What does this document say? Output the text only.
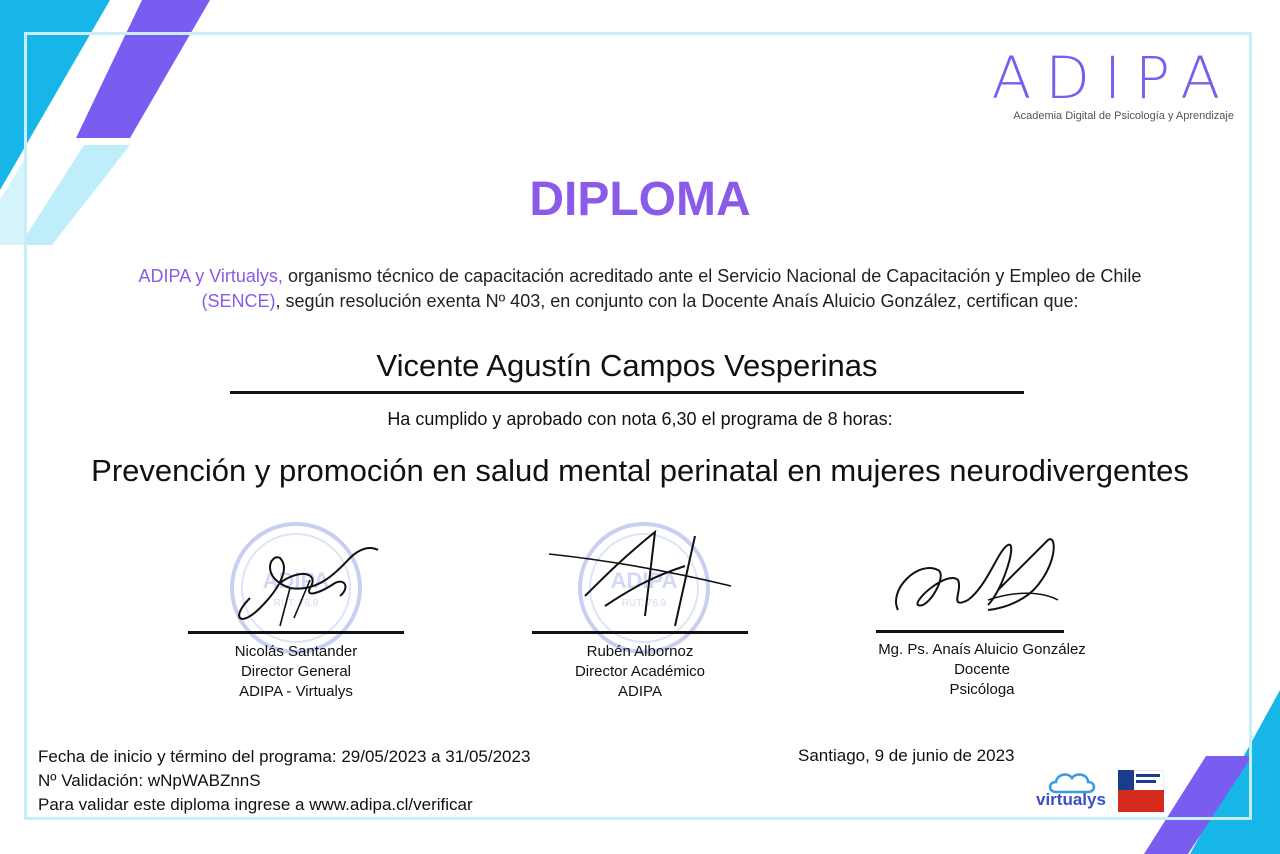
ADIPA
Academia Digital de Psicología y Aprendizaje
DIPLOMA
ADIPA y Virtualys, organismo técnico de capacitación acreditado ante el Servicio Nacional de Capacitación y Empleo de Chile (SENCE), según resolución exenta Nº 403, en conjunto con la Docente Anaís Aluicio González, certifican que:
Vicente Agustín Campos Vesperinas
Ha cumplido y aprobado con nota 6,30 el programa de 8 horas:
Prevención y promoción en salud mental perinatal en mujeres neurodivergentes
ADIPA
RUT: 76.9
ADIPA
RUT: 76.9
Nicolás Santander
Director General
ADIPA - Virtualys
Rubén Albornoz
Director Académico
ADIPA
Mg. Ps. Anaís Aluicio González
Docente
Psicóloga
Fecha de inicio y término del programa: 29/05/2023 a 31/05/2023
Nº Validación: wNpWABZnnS
Para validar este diploma ingrese a www.adipa.cl/verificar
Santiago, 9 de junio de 2023
virtualys
